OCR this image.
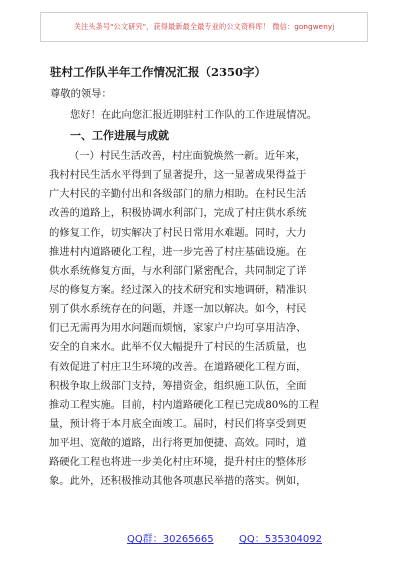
关注头条号"公文研究"，获得最新最全最专业的公文资料库！ 微信：gongwenyj
驻村工作队半年工作情况汇报（2350字）
尊敬的领导：
您好！在此向您汇报近期驻村工作队的工作进展情况。
一、工作进展与成就
（一）村民生活改善，村庄面貌焕然一新。近年来，
我村村民生活水平得到了显著提升，这一显著成果得益于
广大村民的辛勤付出和各级部门的鼎力相助。在村民生活
改善的道路上，积极协调水利部门，完成了村庄供水系统
的修复工作，切实解决了村民日常用水难题。同时，大力
推进村内道路硬化工程，进一步完善了村庄基础设施。在
供水系统修复方面，与水利部门紧密配合，共同制定了详
尽的修复方案。经过深入的技术研究和实地调研，精准识
别了供水系统存在的问题，并逐一加以解决。如今，村民
们已无需再为用水问题而烦恼，家家户户均可享用洁净、
安全的自来水。此举不仅大幅提升了村民的生活质量，也
有效促进了村庄卫生环境的改善。在道路硬化工程方面，
积极争取上级部门支持，筹措资金，组织施工队伍，全面
推动工程实施。目前，村内道路硬化工程已完成80%的工程
量，预计将于本月底全面竣工。届时，村民们将享受到更
加平坦、宽敞的道路，出行将更加便捷、高效。同时，道
路硬化工程也将进一步美化村庄环境，提升村庄的整体形
象。此外，还积极推动其他各项惠民举措的落实。例如，
QQ群：30265665	QQ：535304092
